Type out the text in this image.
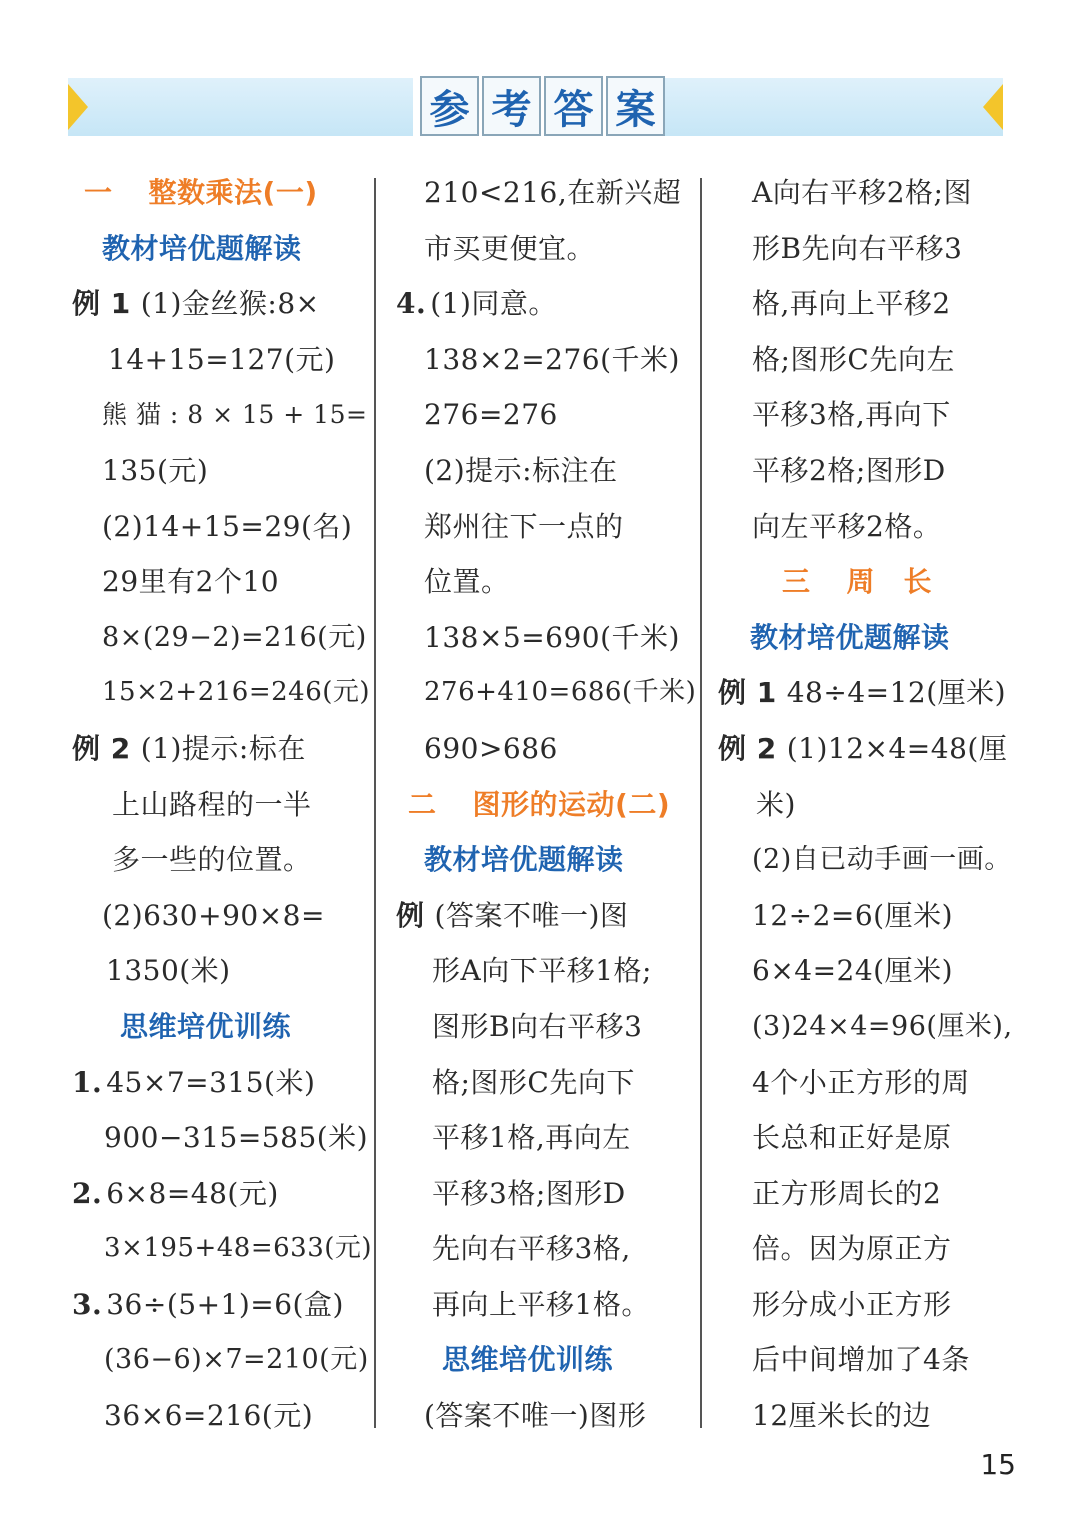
参 考 答 案
一 整数乘法(一)
教材培优题解读
例 1 (1)金丝猴:8×
14+15=127(元)
熊 猫 : 8 × 15 + 15=
135(元)
(2)14+15=29(名)
29里有2个10
8×(29−2)=216(元)
15×2+216=246(元)
例 2 (1)提示:标在
上山路程的一半
多一些的位置。
(2)630+90×8=
1350(米)
思维培优训练
1. 45×7=315(米)
900−315=585(米)
2. 6×8=48(元)
3×195+48=633(元)
3. 36÷(5+1)=6(盒)
(36−6)×7=210(元)
36×6=216(元)
210<216,在新兴超
市买更便宜。
4. (1)同意。
138×2=276(千米)
276=276
(2)提示:标注在
郑州往下一点的
位置。
138×5=690(千米)
276+410=686(千米)
690>686
二 图形的运动(二)
教材培优题解读
例 (答案不唯一)图
形A向下平移1格;
图形B向右平移3
格;图形C先向下
平移1格,再向左
平移3格;图形D
先向右平移3格,
再向上平移1格。
思维培优训练
(答案不唯一)图形
A向右平移2格;图
形B先向右平移3
格,再向上平移2
格;图形C先向左
平移3格,再向下
平移2格;图形D
向左平移2格。
三 周　长
教材培优题解读
例 1 48÷4=12(厘米)
例 2 (1)12×4=48(厘
米)
(2)自已动手画一画。
12÷2=6(厘米)
6×4=24(厘米)
(3)24×4=96(厘米),
4个小正方形的周
长总和正好是原
正方形周长的2
倍。因为原正方
形分成小正方形
后中间增加了4条
12厘米长的边
15
